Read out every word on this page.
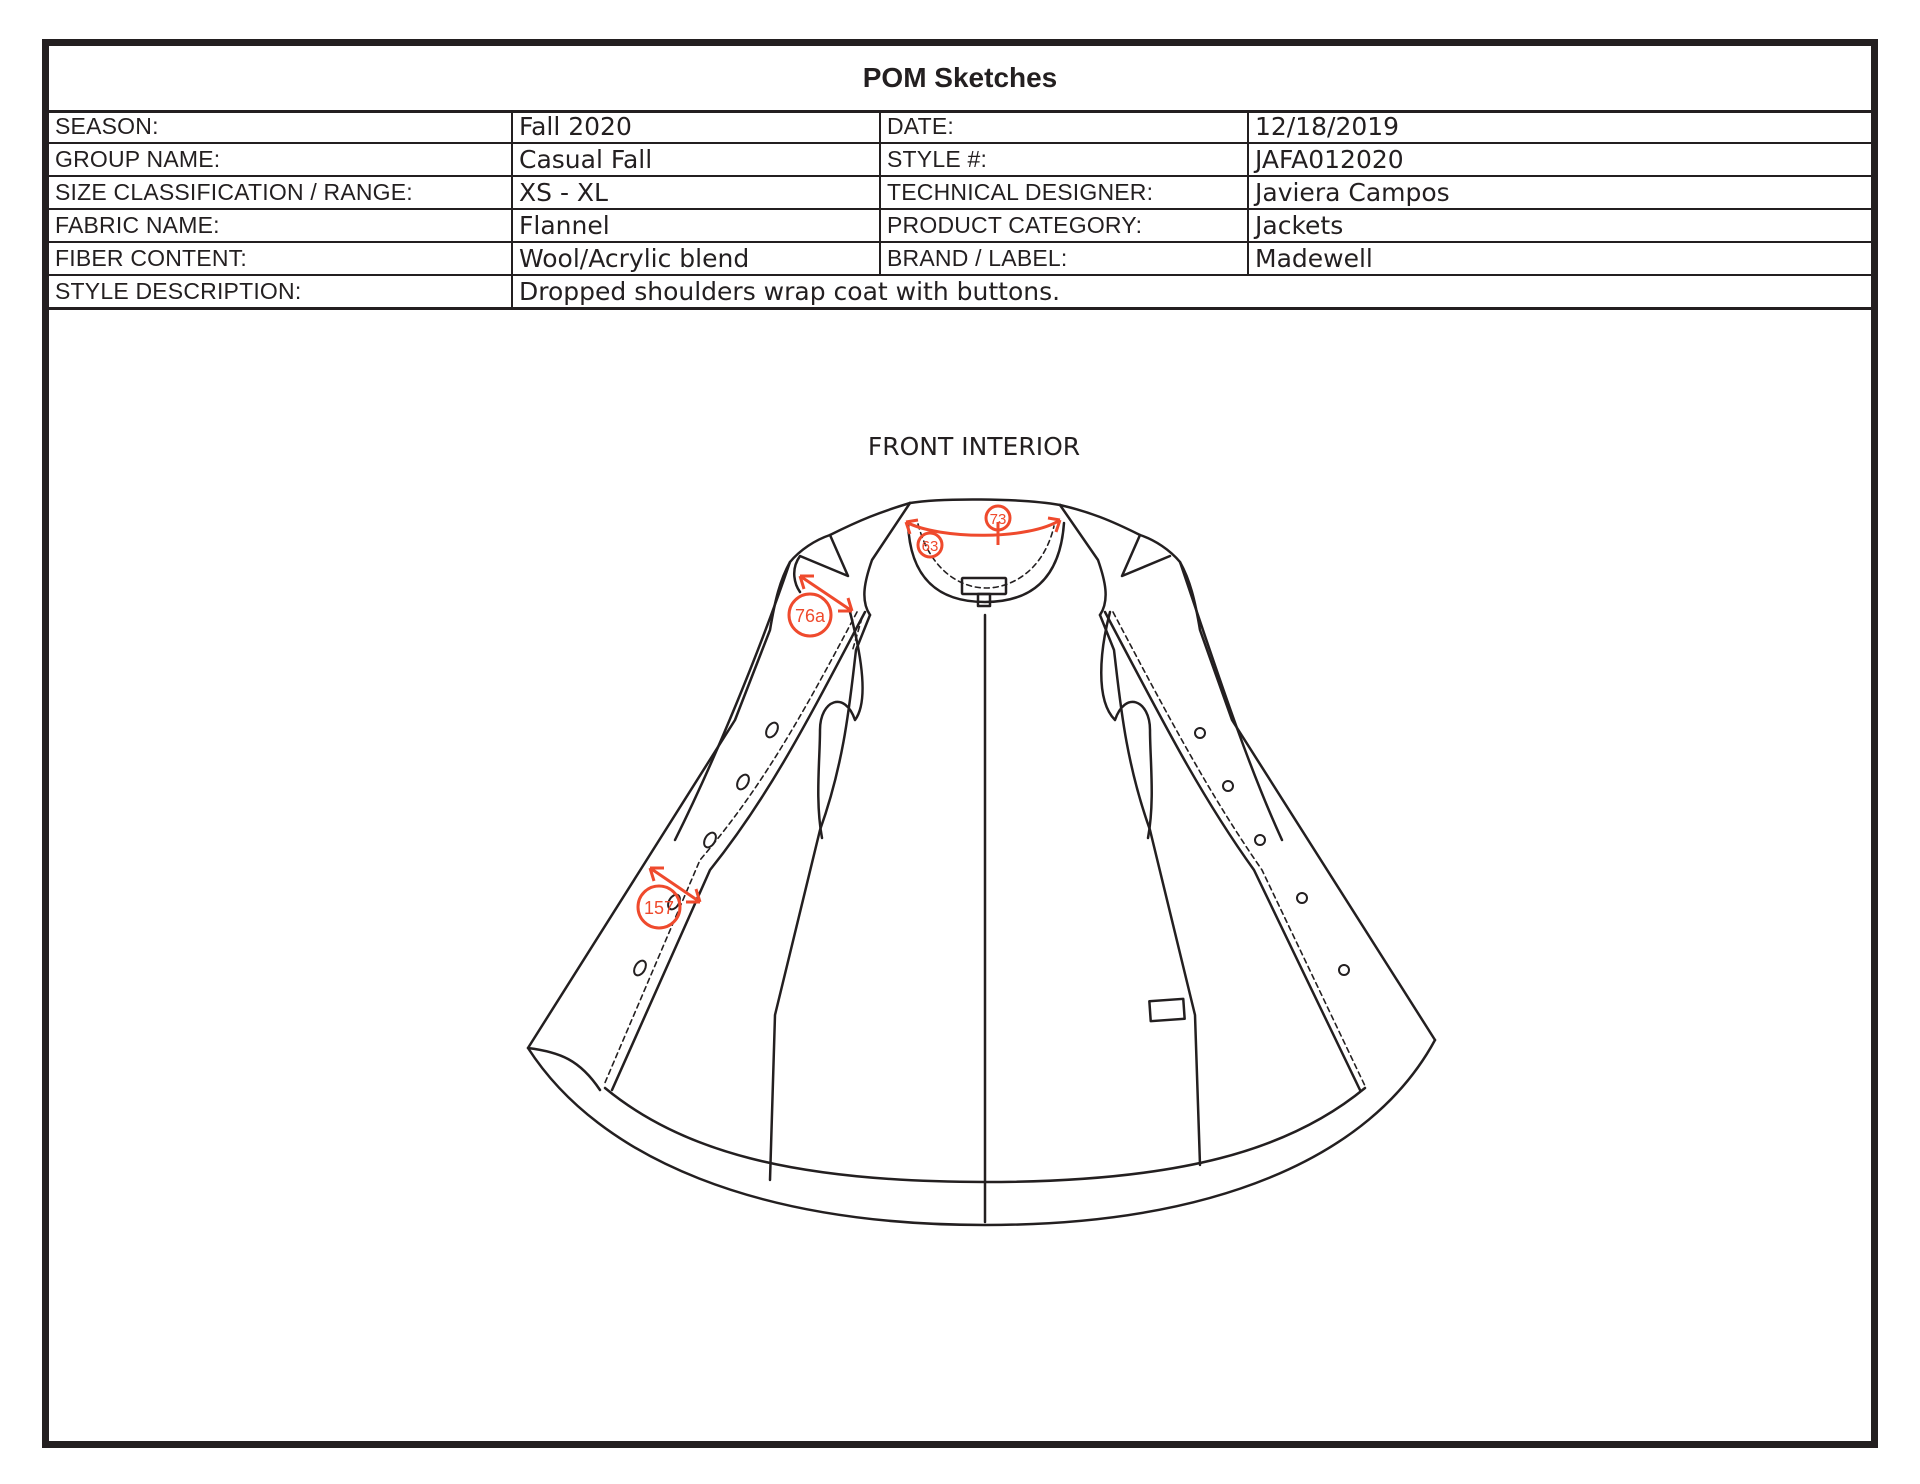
POM Sketches
SEASON:	Fall 2020	DATE:	12/18/2019
GROUP NAME:	Casual Fall	STYLE #:	JAFA012020
SIZE CLASSIFICATION / RANGE:	XS - XL	TECHNICAL DESIGNER:	Javiera Campos
FABRIC NAME:	Flannel	PRODUCT CATEGORY:	Jackets
FIBER CONTENT:	Wool/Acrylic blend	BRAND / LABEL:	Madewell
STYLE DESCRIPTION:	Dropped shoulders wrap coat with buttons.		
FRONT INTERIOR
73
63
76a
157
